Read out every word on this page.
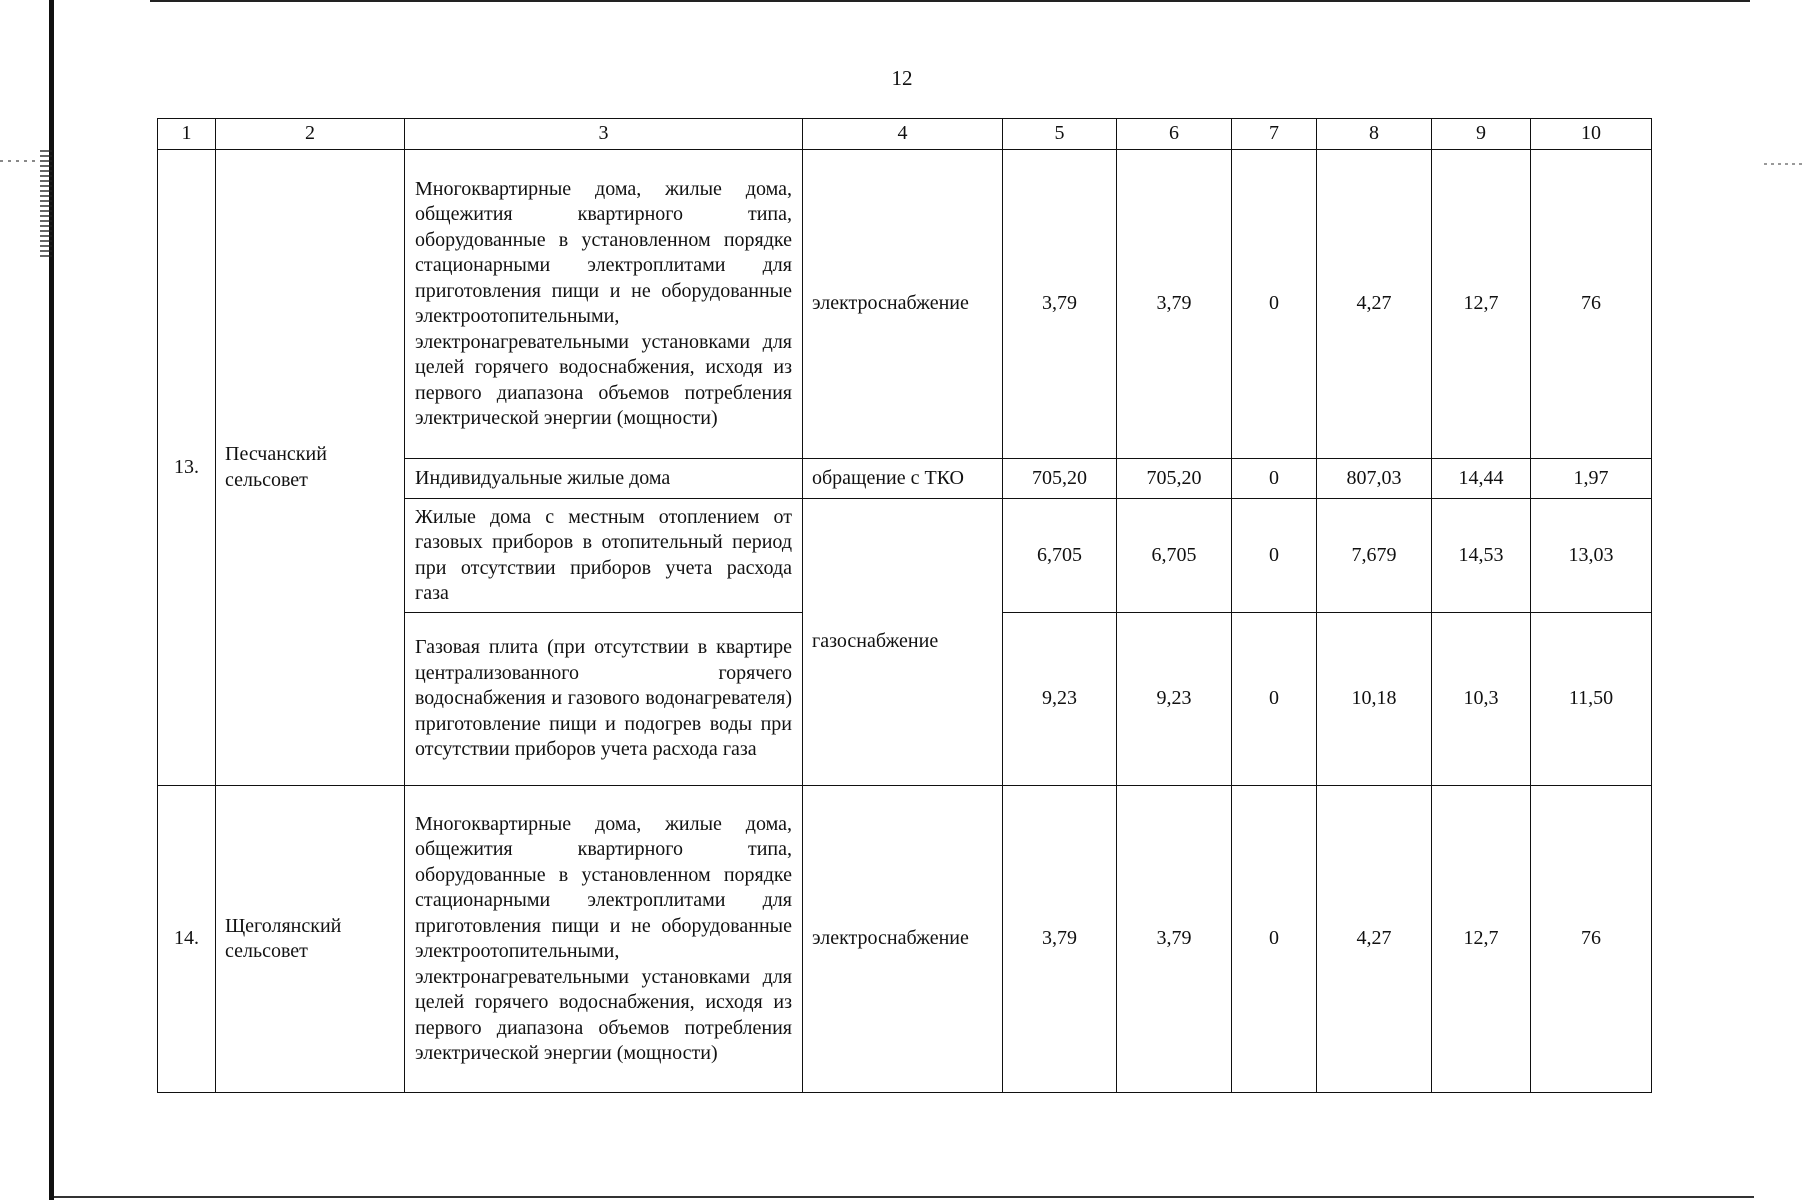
12
1	2	3	4	5	6	7	8	9	10
13.	Песчанский сельсовет	Многоквартирные дома, жилые дома, общежития квартирного типа, оборудованные в установленном порядке стационарными электроплитами для приготовления пищи и не оборудованные электроотопительными, электронагревательными установками для целей горячего водоснабжения, исходя из первого диапазона объемов потребления электрической энергии (мощности)	электроснабжение	3,79	3,79	0	4,27	12,7	76
		Индивидуальные жилые дома	обращение с ТКО	705,20	705,20	0	807,03	14,44	1,97
		Жилые дома с местным отоплением от газовых приборов в отопительный период при отсутствии приборов учета расхода газа	газоснабжение	6,705	6,705	0	7,679	14,53	13,03
		Газовая плита (при отсутствии в квартире централизованного горячего водоснабжения и газового водонагревателя) приготовление пищи и подогрев воды при отсутствии приборов учета расхода газа		9,23	9,23	0	10,18	10,3	11,50
14.	Щеголянский сельсовет	Многоквартирные дома, жилые дома, общежития квартирного типа, оборудованные в установленном порядке стационарными электроплитами для приготовления пищи и не оборудованные электроотопительными, электронагревательными установками для целей горячего водоснабжения, исходя из первого диапазона объемов потребления электрической энергии (мощности)	электроснабжение	3,79	3,79	0	4,27	12,7	76
